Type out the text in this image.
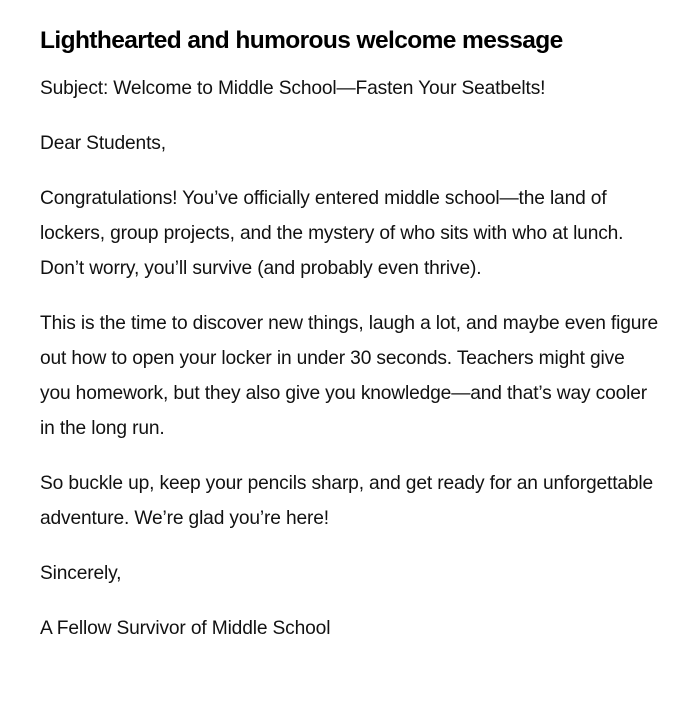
Lighthearted and humorous welcome message

Subject: Welcome to Middle School—Fasten Your Seatbelts!

Dear Students,

Congratulations! You’ve officially entered middle school—the land of lockers, group projects, and the mystery of who sits with who at lunch. Don’t worry, you’ll survive (and probably even thrive).

This is the time to discover new things, laugh a lot, and maybe even figure out how to open your locker in under 30 seconds. Teachers might give you homework, but they also give you knowledge—and that’s way cooler in the long run.

So buckle up, keep your pencils sharp, and get ready for an unforgettable adventure. We’re glad you’re here!

Sincerely,

A Fellow Survivor of Middle School
